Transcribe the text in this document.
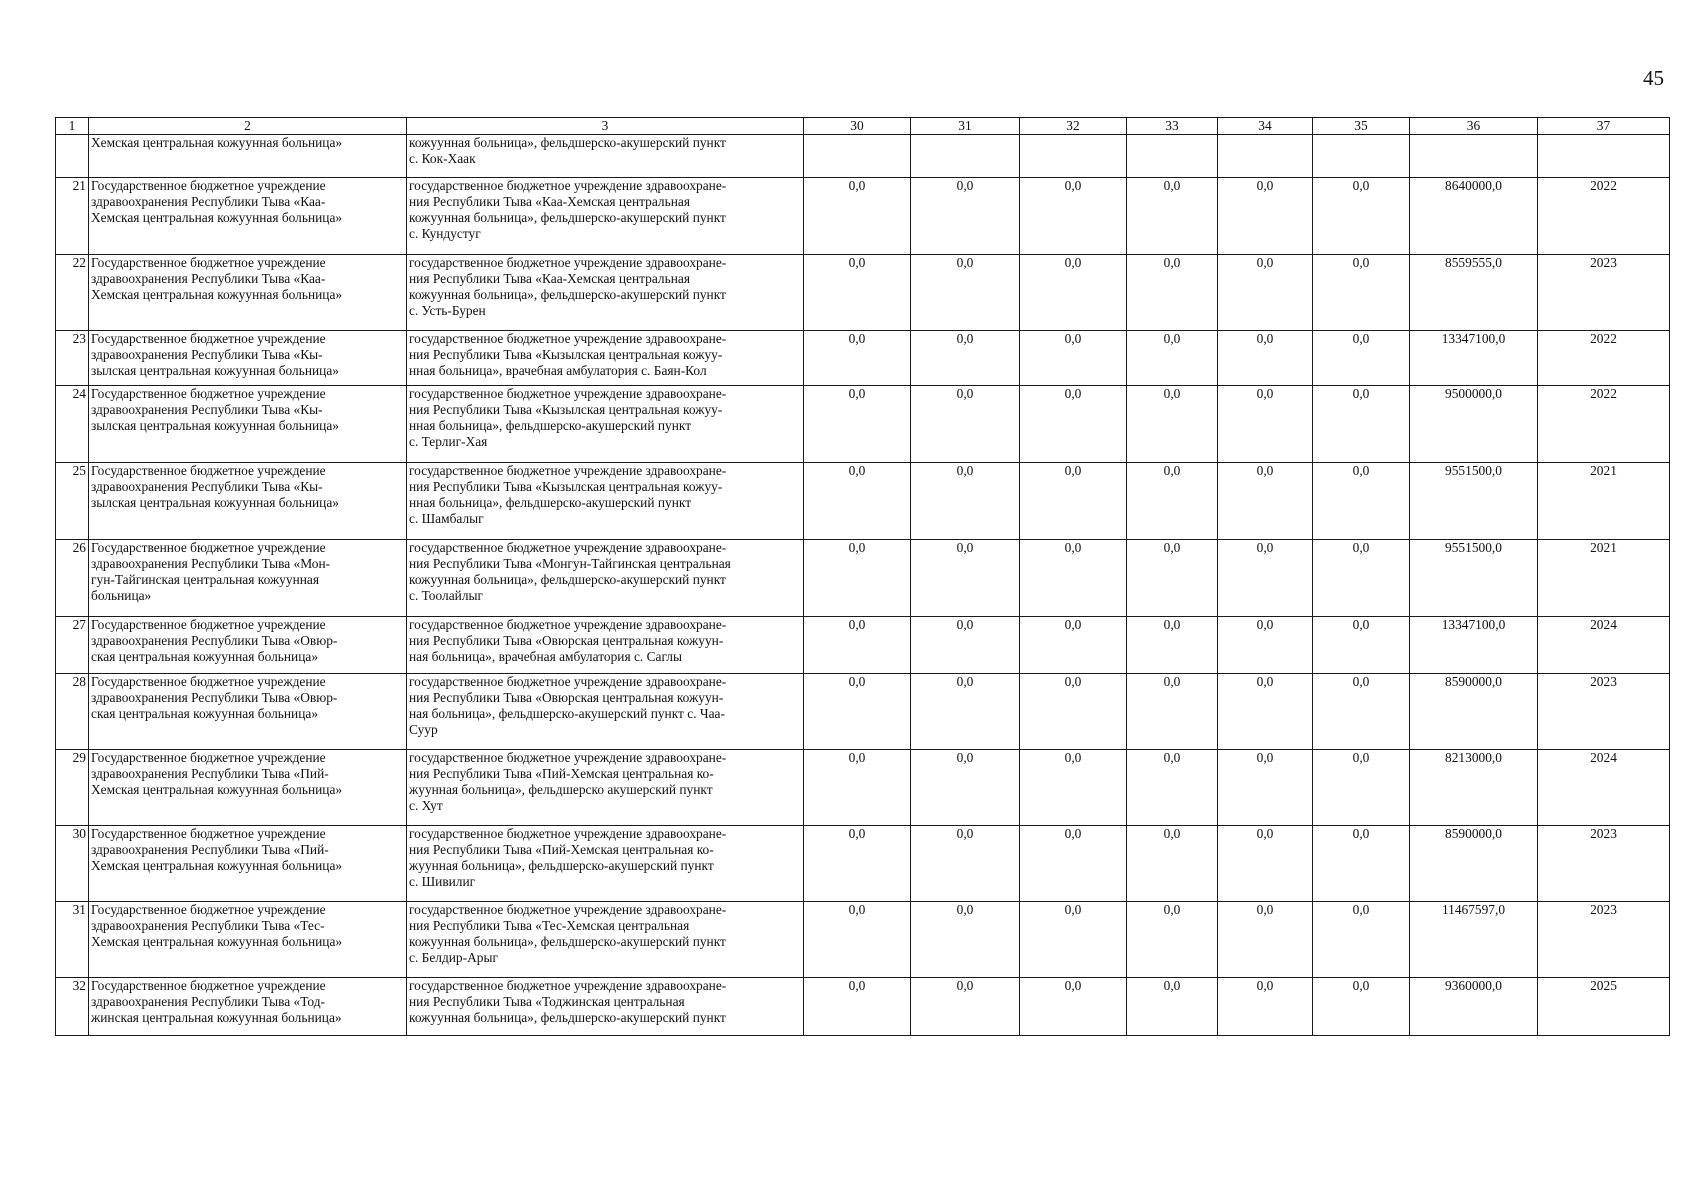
45
1	2	3	30	31	32	33	34	35	36	37
	Хемская центральная кожуунная больница»	кожуунная больница», фельдшерско-акушерский пункт
с. Кок-Хаак								
21	Государственное бюджетное учреждение
здравоохранения Республики Тыва «Каа-
Хемская центральная кожуунная больница»	государственное бюджетное учреждение здравоохране-
ния Республики Тыва «Каа-Хемская центральная
кожуунная больница», фельдшерско-акушерский пункт
с. Кундустуг	0,0	0,0	0,0	0,0	0,0	0,0	8640000,0	2022
22	Государственное бюджетное учреждение
здравоохранения Республики Тыва «Каа-
Хемская центральная кожуунная больница»	государственное бюджетное учреждение здравоохране-
ния Республики Тыва «Каа-Хемская центральная
кожуунная больница», фельдшерско-акушерский пункт
с. Усть-Бурен	0,0	0,0	0,0	0,0	0,0	0,0	8559555,0	2023
23	Государственное бюджетное учреждение
здравоохранения Республики Тыва «Кы-
зылская центральная кожуунная больница»	государственное бюджетное учреждение здравоохране-
ния Республики Тыва «Кызылская центральная кожуу-
нная больница», врачебная амбулатория с. Баян-Кол	0,0	0,0	0,0	0,0	0,0	0,0	13347100,0	2022
24	Государственное бюджетное учреждение
здравоохранения Республики Тыва «Кы-
зылская центральная кожуунная больница»	государственное бюджетное учреждение здравоохране-
ния Республики Тыва «Кызылская центральная кожуу-
нная больница», фельдшерско-акушерский пункт
с. Терлиг-Хая	0,0	0,0	0,0	0,0	0,0	0,0	9500000,0	2022
25	Государственное бюджетное учреждение
здравоохранения Республики Тыва «Кы-
зылская центральная кожуунная больница»	государственное бюджетное учреждение здравоохране-
ния Республики Тыва «Кызылская центральная кожуу-
нная больница», фельдшерско-акушерский пункт
с. Шамбалыг	0,0	0,0	0,0	0,0	0,0	0,0	9551500,0	2021
26	Государственное бюджетное учреждение
здравоохранения Республики Тыва «Мон-
гун-Тайгинская центральная кожуунная
больница»	государственное бюджетное учреждение здравоохране-
ния Республики Тыва «Монгун-Тайгинская центральная
кожуунная больница», фельдшерско-акушерский пункт
с. Тоолайлыг	0,0	0,0	0,0	0,0	0,0	0,0	9551500,0	2021
27	Государственное бюджетное учреждение
здравоохранения Республики Тыва «Овюр-
ская центральная кожуунная больница»	государственное бюджетное учреждение здравоохране-
ния Республики Тыва «Овюрская центральная кожуун-
ная больница», врачебная амбулатория с. Саглы	0,0	0,0	0,0	0,0	0,0	0,0	13347100,0	2024
28	Государственное бюджетное учреждение
здравоохранения Республики Тыва «Овюр-
ская центральная кожуунная больница»	государственное бюджетное учреждение здравоохране-
ния Республики Тыва «Овюрская центральная кожуун-
ная больница», фельдшерско-акушерский пункт с. Чаа-
Суур	0,0	0,0	0,0	0,0	0,0	0,0	8590000,0	2023
29	Государственное бюджетное учреждение
здравоохранения Республики Тыва «Пий-
Хемская центральная кожуунная больница»	государственное бюджетное учреждение здравоохране-
ния Республики Тыва «Пий-Хемская центральная ко-
жуунная больница», фельдшерско акушерский пункт
с. Хут	0,0	0,0	0,0	0,0	0,0	0,0	8213000,0	2024
30	Государственное бюджетное учреждение
здравоохранения Республики Тыва «Пий-
Хемская центральная кожуунная больница»	государственное бюджетное учреждение здравоохране-
ния Республики Тыва «Пий-Хемская центральная ко-
жуунная больница», фельдшерско-акушерский пункт
с. Шивилиг	0,0	0,0	0,0	0,0	0,0	0,0	8590000,0	2023
31	Государственное бюджетное учреждение
здравоохранения Республики Тыва «Тес-
Хемская центральная кожуунная больница»	государственное бюджетное учреждение здравоохране-
ния Республики Тыва «Тес-Хемская центральная
кожуунная больница», фельдшерско-акушерский пункт
с. Белдир-Арыг	0,0	0,0	0,0	0,0	0,0	0,0	11467597,0	2023
32	Государственное бюджетное учреждение
здравоохранения Республики Тыва «Тод-
жинская центральная кожуунная больница»	государственное бюджетное учреждение здравоохране-
ния Республики Тыва «Тоджинская центральная
кожуунная больница», фельдшерско-акушерский пункт	0,0	0,0	0,0	0,0	0,0	0,0	9360000,0	2025
